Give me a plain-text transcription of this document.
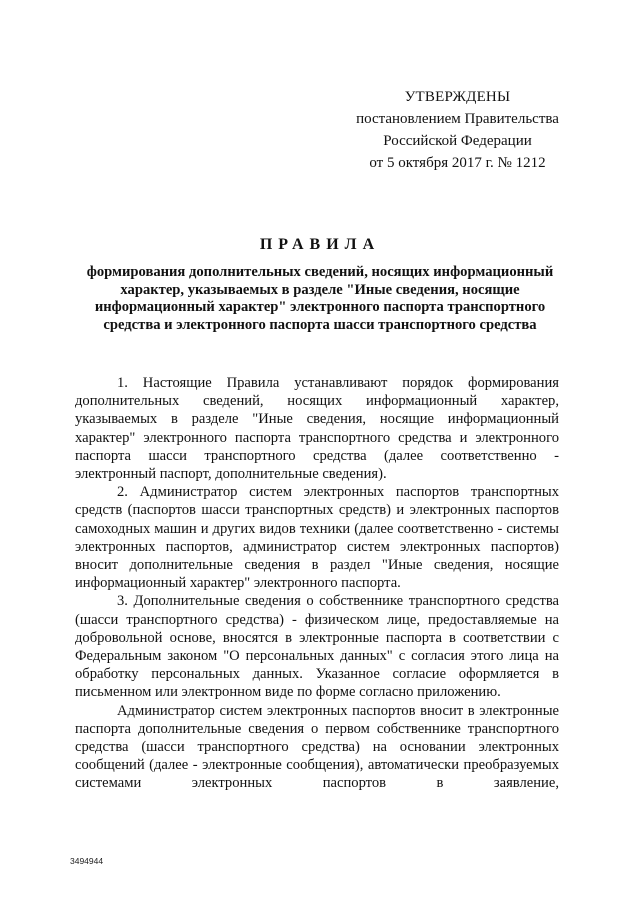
УТВЕРЖДЕНЫ
постановлением Правительства
Российской Федерации
от 5 октября 2017 г. № 1212
ПРАВИЛА
формирования дополнительных сведений, носящих информационный характер, указываемых в разделе "Иные сведения, носящие информационный характер" электронного паспорта транспортного средства и электронного паспорта шасси транспортного средства

1. Настоящие Правила устанавливают порядок формирования дополнительных сведений, носящих информационный характер, указываемых в разделе "Иные сведения, носящие информационный характер" электронного паспорта транспортного средства и электронного паспорта шасси транспортного средства (далее соответственно - электронный паспорт, дополнительные сведения).

2. Администратор систем электронных паспортов транспортных средств (паспортов шасси транспортных средств) и электронных паспортов самоходных машин и других видов техники (далее соответственно - системы электронных паспортов, администратор систем электронных паспортов) вносит дополнительные сведения в раздел "Иные сведения, носящие информационный характер" электронного паспорта.

3. Дополнительные сведения о собственнике транспортного средства (шасси транспортного средства) - физическом лице, предоставляемые на добровольной основе, вносятся в электронные паспорта в соответствии с Федеральным законом "О персональных данных" с согласия этого лица на обработку персональных данных. Указанное согласие оформляется в письменном или электронном виде по форме согласно приложению.

Администратор систем электронных паспортов вносит в электронные паспорта дополнительные сведения о первом собственнике транспортного средства (шасси транспортного средства) на основании электронных сообщений (далее - электронные сообщения), автоматически преобразуемых системами электронных паспортов в заявление,

3494944
